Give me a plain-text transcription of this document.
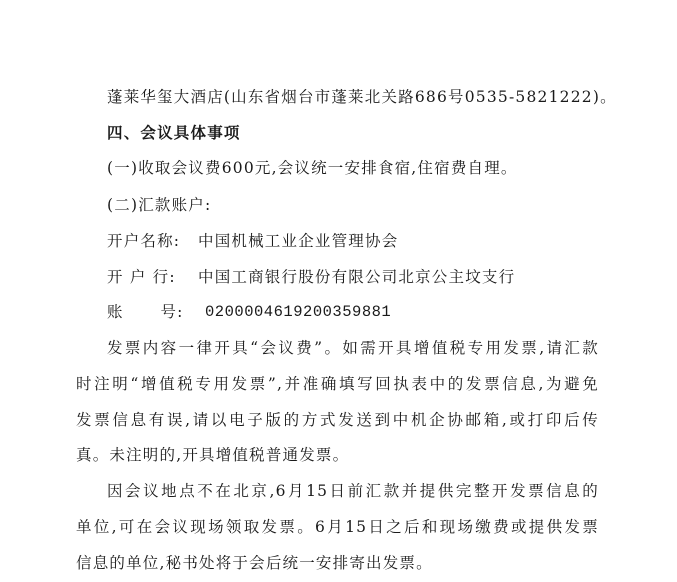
蓬莱华玺大酒店(山东省烟台市蓬莱北关路686号0535-5821222)。
四、会议具体事项
(一)收取会议费600元,会议统一安排食宿,住宿费自理。
(二)汇款账户:
开户名称: 中国机械工业企业管理协会
开 户 行: 中国工商银行股份有限公司北京公主坟支行
账      号: 0200004619200359881
发票内容一律开具“会议费”。如需开具增值税专用发票,请汇款
时注明“增值税专用发票”,并准确填写回执表中的发票信息,为避免
发票信息有误,请以电子版的方式发送到中机企协邮箱,或打印后传
真。未注明的,开具增值税普通发票。
因会议地点不在北京,6月15日前汇款并提供完整开发票信息的
单位,可在会议现场领取发票。6月15日之后和现场缴费或提供发票
信息的单位,秘书处将于会后统一安排寄出发票。
